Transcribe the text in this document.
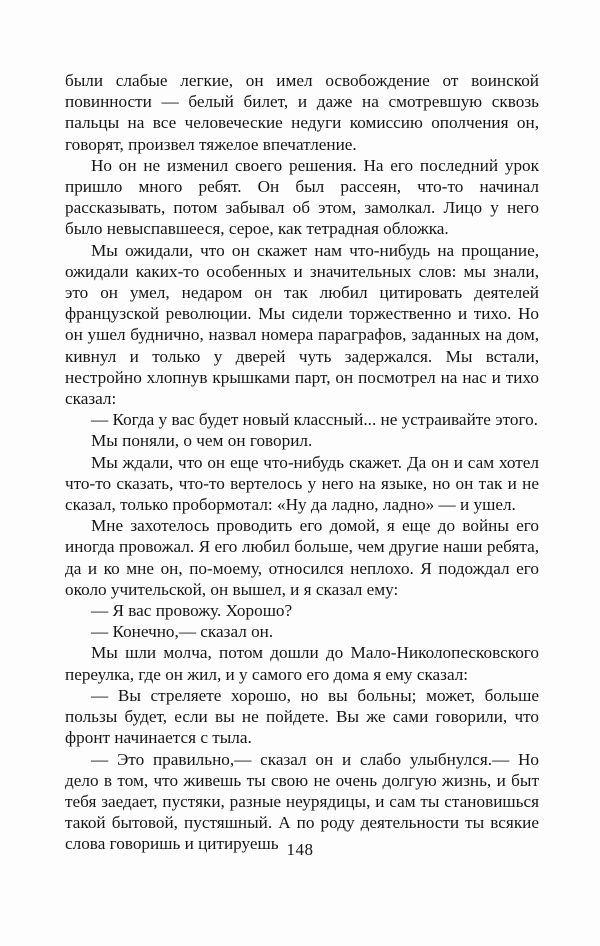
были слабые легкие, он имел освобождение от воинской повинности — белый билет, и даже на смотревшую сквозь пальцы на все человеческие недуги комиссию ополчения он, говорят, произвел тяжелое впечатление.

Но он не изменил своего решения. На его последний урок пришло много ребят. Он был рассеян, что-то начинал рассказывать, потом забывал об этом, замолкал. Лицо у него было невыспавшееся, серое, как тетрадная обложка.

Мы ожидали, что он скажет нам что-нибудь на прощание, ожидали каких-то особенных и значительных слов: мы знали, это он умел, недаром он так любил цитировать деятелей французской революции. Мы сидели торжественно и тихо. Но он ушел буднично, назвал номера параграфов, заданных на дом, кивнул и только у дверей чуть задержался. Мы встали, нестройно хлопнув крышками парт, он посмотрел на нас и тихо сказал:

— Когда у вас будет новый классный... не устраивайте этого.

Мы поняли, о чем он говорил.

Мы ждали, что он еще что-нибудь скажет. Да он и сам хотел что-то сказать, что-то вертелось у него на языке, но он так и не сказал, только пробормотал: «Ну да ладно, ладно» — и ушел.

Мне захотелось проводить его домой, я еще до войны его иногда провожал. Я его любил больше, чем другие наши ребята, да и ко мне он, по-моему, относился неплохо. Я подождал его около учительской, он вышел, и я сказал ему:

— Я вас провожу. Хорошо?

— Конечно,— сказал он.

Мы шли молча, потом дошли до Мало-Николопесковского переулка, где он жил, и у самого его дома я ему сказал:

— Вы стреляете хорошо, но вы больны; может, больше пользы будет, если вы не пойдете. Вы же сами говорили, что фронт начинается с тыла.

— Это правильно,— сказал он и слабо улыбнулся.— Но дело в том, что живешь ты свою не очень долгую жизнь, и быт тебя заедает, пустяки, разные неурядицы, и сам ты становишься такой бытовой, пустяшный. А по роду деятельности ты всякие слова говоришь и цитируешь 148
